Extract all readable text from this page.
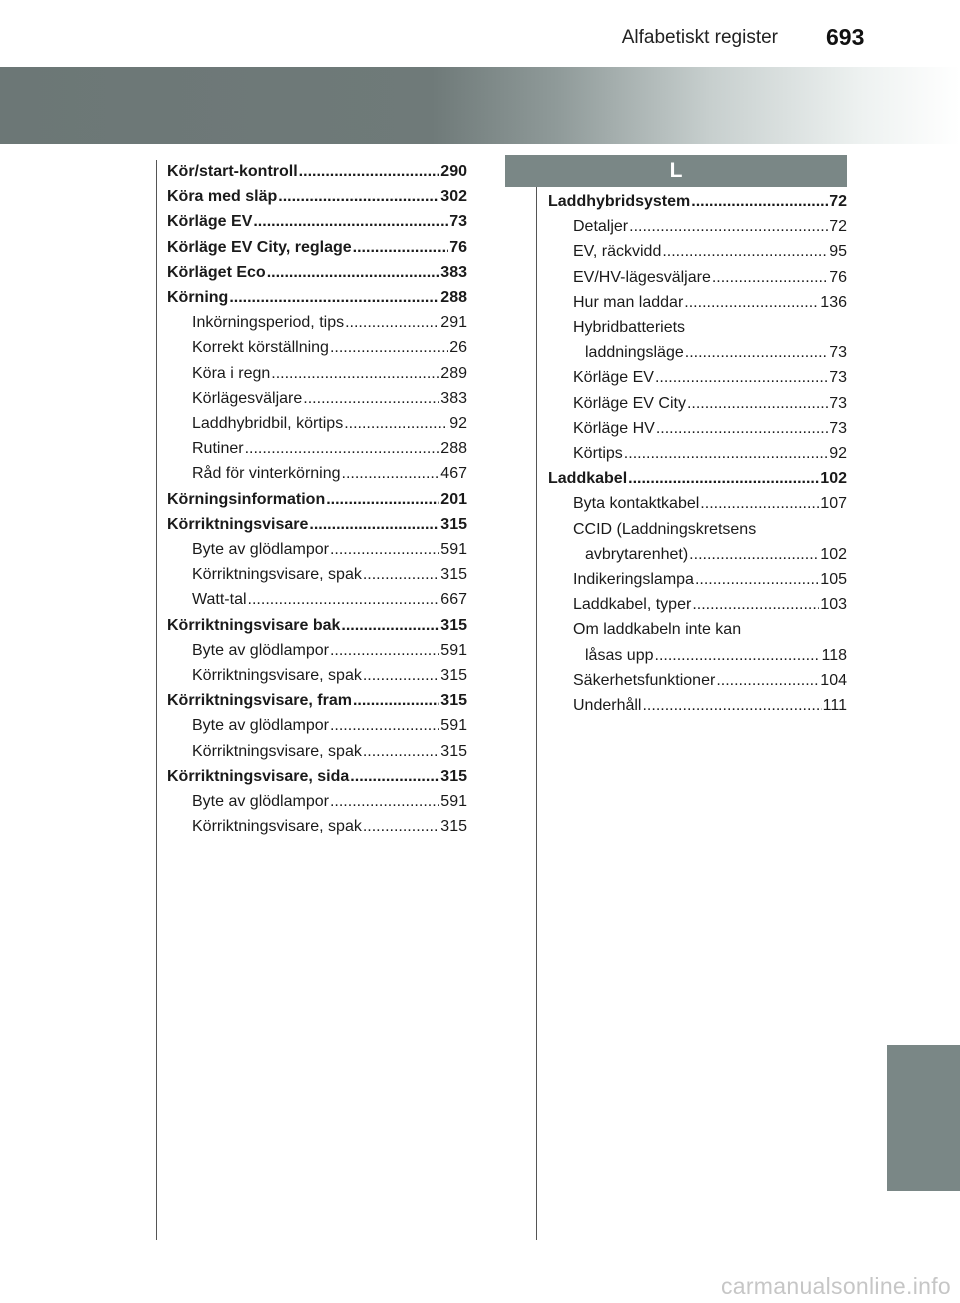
Alfabetiskt register 693
Kör/start-kontroll .....	290
Köra med släp .....	302
Körläge EV .....	73
Körläge EV City, reglage .....	76
Körläget Eco .....	383
Körning .....	288
Inkörningsperiod, tips .....	291
Korrekt körställning .....	26
Köra i regn .....	289
Körlägesväljare .....	383
Laddhybridbil, körtips .....	92
Rutiner .....	288
Råd för vinterkörning .....	467
Körningsinformation .....	201
Körriktningsvisare .....	315
Byte av glödlampor .....	591
Körriktningsvisare, spak .....	315
Watt-tal .....	667
Körriktningsvisare bak .....	315
Byte av glödlampor .....	591
Körriktningsvisare, spak .....	315
Körriktningsvisare, fram .....	315
Byte av glödlampor .....	591
Körriktningsvisare, spak .....	315
Körriktningsvisare, sida .....	315
Byte av glödlampor .....	591
Körriktningsvisare, spak .....	315
L
Laddhybridsystem .....	72
Detaljer .....	72
EV, räckvidd .....	95
EV/HV-lägesväljare .....	76
Hur man laddar .....	136
Hybridbatteriets
laddningsläge .....	73
Körläge EV .....	73
Körläge EV City .....	73
Körläge HV .....	73
Körtips .....	92
Laddkabel .....	102
Byta kontaktkabel .....	107
CCID (Laddningskretsens
avbrytarenhet) .....	102
Indikeringslampa .....	105
Laddkabel, typer .....	103
Om laddkabeln inte kan
låsas upp .....	118
Säkerhetsfunktioner .....	104
Underhåll .....	111
carmanualsonline.info
